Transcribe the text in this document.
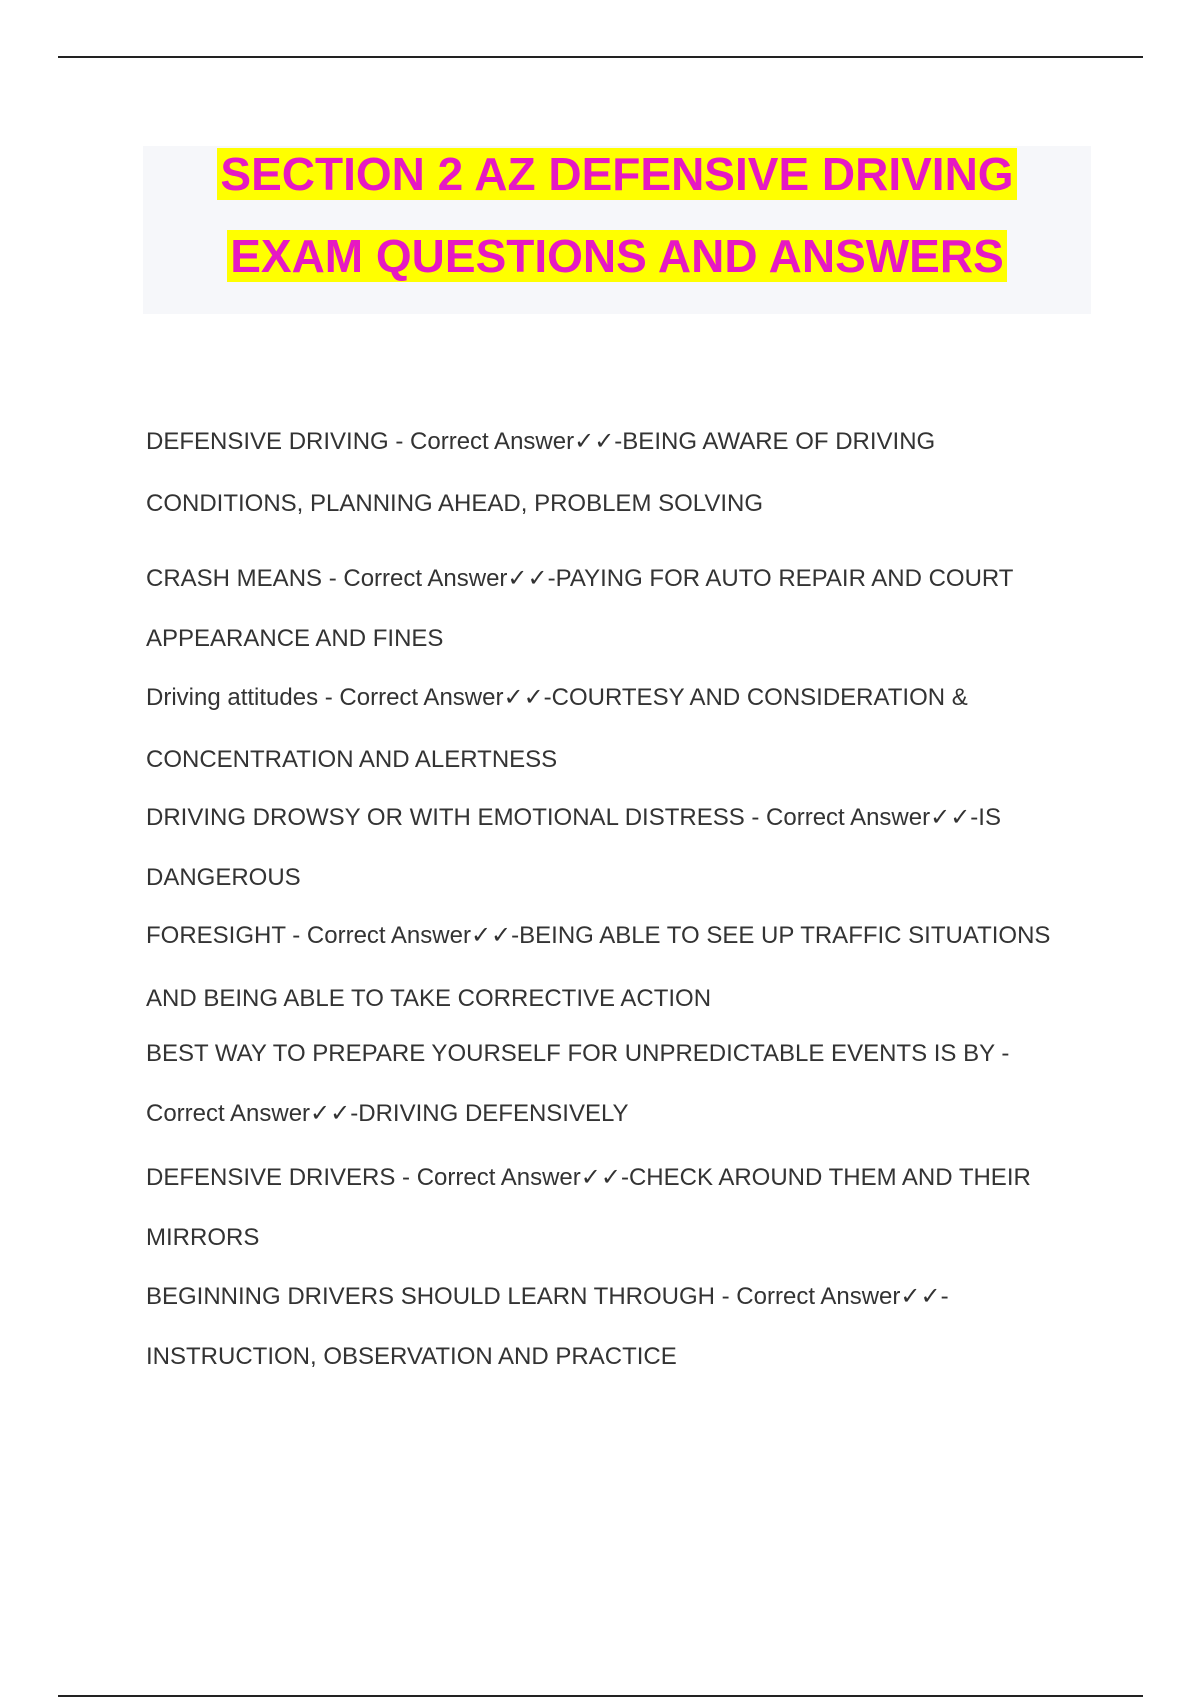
SECTION 2 AZ DEFENSIVE DRIVING
EXAM QUESTIONS AND ANSWERS
DEFENSIVE DRIVING - Correct Answer✓✓-BEING AWARE OF DRIVING
CONDITIONS, PLANNING AHEAD, PROBLEM SOLVING
CRASH MEANS - Correct Answer✓✓-PAYING FOR AUTO REPAIR AND COURT
APPEARANCE AND FINES
Driving attitudes - Correct Answer✓✓-COURTESY AND CONSIDERATION &
CONCENTRATION AND ALERTNESS
DRIVING DROWSY OR WITH EMOTIONAL DISTRESS - Correct Answer✓✓-IS
DANGEROUS
FORESIGHT - Correct Answer✓✓-BEING ABLE TO SEE UP TRAFFIC SITUATIONS
AND BEING ABLE TO TAKE CORRECTIVE ACTION
BEST WAY TO PREPARE YOURSELF FOR UNPREDICTABLE EVENTS IS BY -
Correct Answer✓✓-DRIVING DEFENSIVELY
DEFENSIVE DRIVERS - Correct Answer✓✓-CHECK AROUND THEM AND THEIR
MIRRORS
BEGINNING DRIVERS SHOULD LEARN THROUGH - Correct Answer✓✓-
INSTRUCTION, OBSERVATION AND PRACTICE
